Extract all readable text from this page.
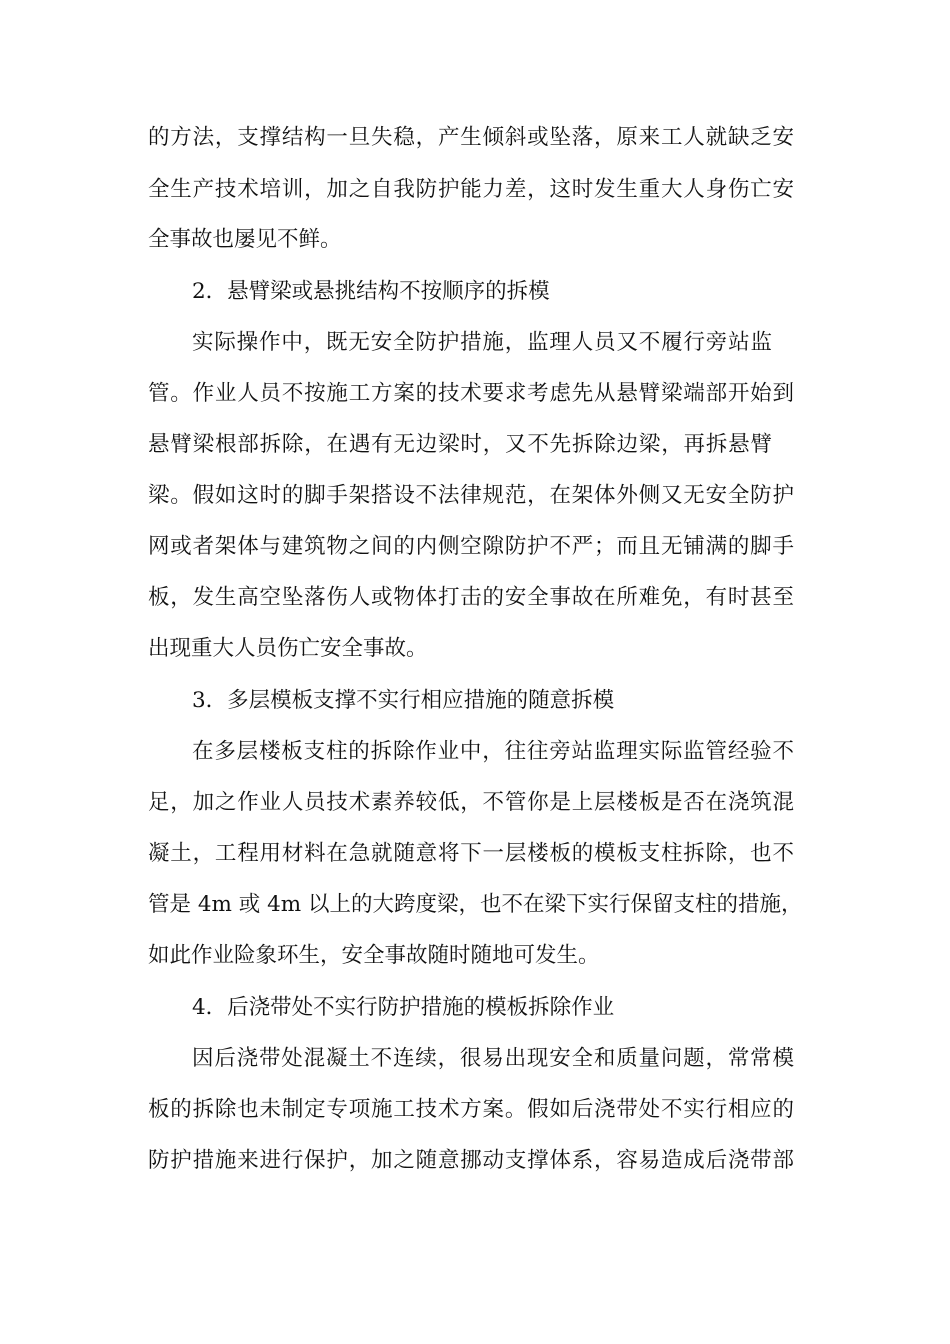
的方法，支撑结构一旦失稳，产生倾斜或坠落，原来工人就缺乏安

全生产技术培训，加之自我防护能力差，这时发生重大人身伤亡安

全事故也屡见不鲜。

2．悬臂梁或悬挑结构不按顺序的拆模

实际操作中，既无安全防护措施，监理人员又不履行旁站监

管。作业人员不按施工方案的技术要求考虑先从悬臂梁端部开始到

悬臂梁根部拆除，在遇有无边梁时，又不先拆除边梁，再拆悬臂

梁。假如这时的脚手架搭设不法律规范，在架体外侧又无安全防护

网或者架体与建筑物之间的内侧空隙防护不严；而且无铺满的脚手

板，发生高空坠落伤人或物体打击的安全事故在所难免，有时甚至

出现重大人员伤亡安全事故。

3．多层模板支撑不实行相应措施的随意拆模

在多层楼板支柱的拆除作业中，往往旁站监理实际监管经验不

足，加之作业人员技术素养较低，不管你是上层楼板是否在浇筑混

凝土，工程用材料在急就随意将下一层楼板的模板支柱拆除，也不

管是 4m 或 4m 以上的大跨度梁，也不在梁下实行保留支柱的措施，

如此作业险象环生，安全事故随时随地可发生。

4．后浇带处不实行防护措施的模板拆除作业

因后浇带处混凝土不连续，很易出现安全和质量问题，常常模

板的拆除也未制定专项施工技术方案。假如后浇带处不实行相应的

防护措施来进行保护，加之随意挪动支撑体系，容易造成后浇带部
